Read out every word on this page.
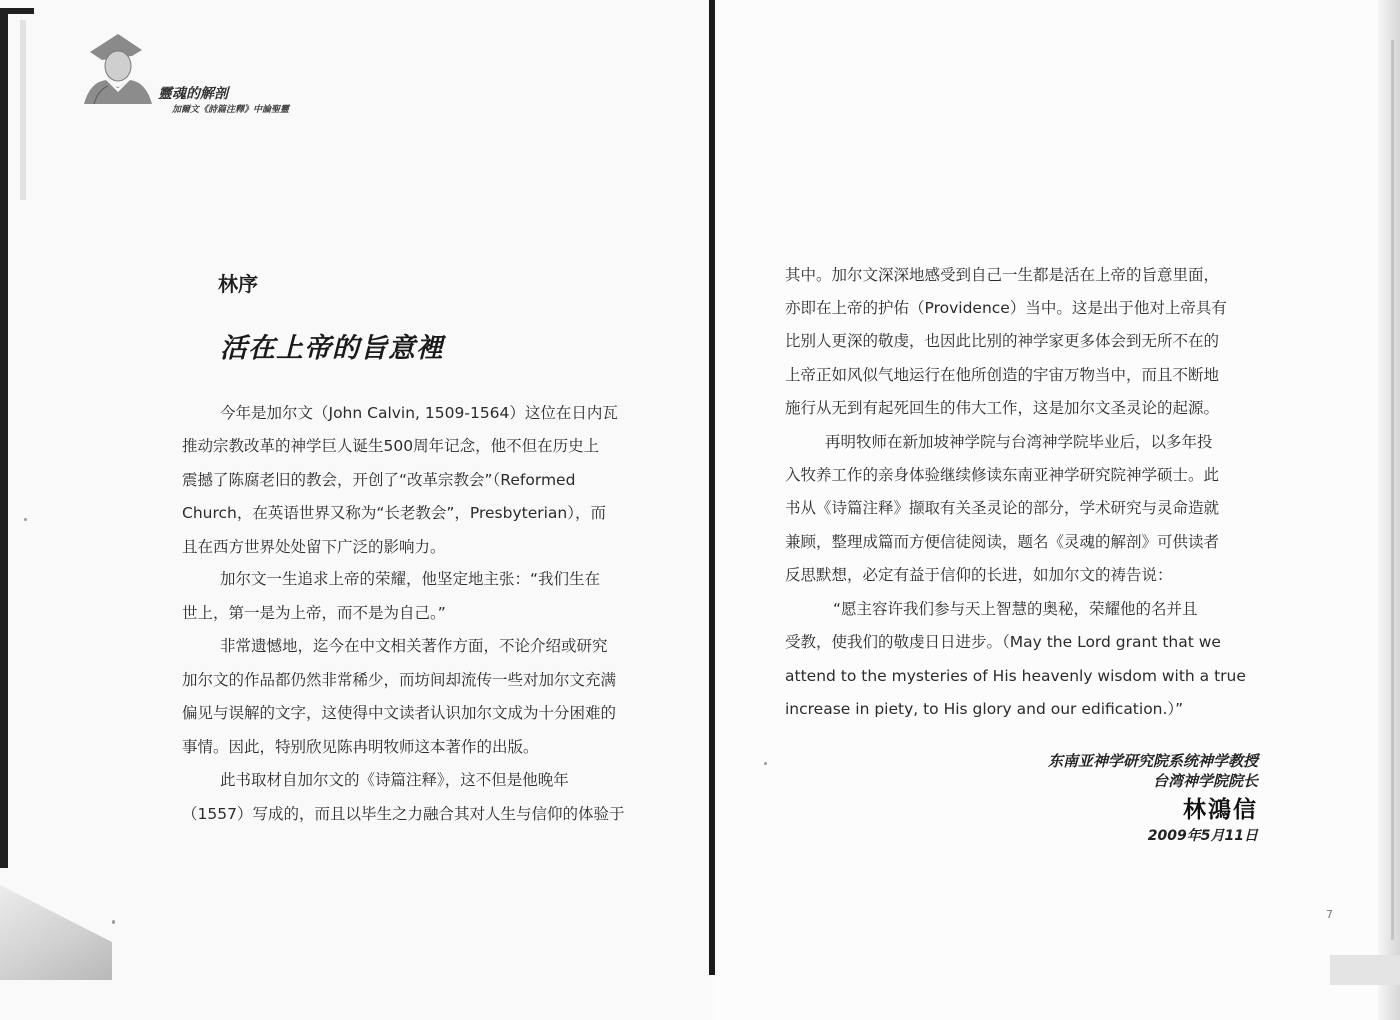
靈魂的解剖
加爾文《詩篇注釋》中論聖靈
林序
活在上帝的旨意裡
今年是加尔文（John Calvin, 1509-1564）这位在日内瓦
推动宗教改革的神学巨人诞生500周年记念，他不但在历史上
震撼了陈腐老旧的教会，开创了“改革宗教会”（Reformed
Church，在英语世界又称为“长老教会”，Presbyterian），而
且在西方世界处处留下广泛的影响力。
加尔文一生追求上帝的荣耀，他坚定地主张：“我们生在
世上，第一是为上帝，而不是为自己。”
非常遗憾地，迄今在中文相关著作方面，不论介绍或研究
加尔文的作品都仍然非常稀少，而坊间却流传一些对加尔文充满
偏见与误解的文字，这使得中文读者认识加尔文成为十分困难的
事情。因此，特别欣见陈冉明牧师这本著作的出版。
此书取材自加尔文的《诗篇注释》，这不但是他晚年
（1557）写成的，而且以毕生之力融合其对人生与信仰的体验于
其中。加尔文深深地感受到自己一生都是活在上帝的旨意里面，
亦即在上帝的护佑（Providence）当中。这是出于他对上帝具有
比别人更深的敬虔，也因此比别的神学家更多体会到无所不在的
上帝正如风似气地运行在他所创造的宇宙万物当中，而且不断地
施行从无到有起死回生的伟大工作，这是加尔文圣灵论的起源。
再明牧师在新加坡神学院与台湾神学院毕业后，以多年投
入牧养工作的亲身体验继续修读东南亚神学研究院神学硕士。此
书从《诗篇注释》撷取有关圣灵论的部分，学术研究与灵命造就
兼顾，整理成篇而方便信徒阅读，题名《灵魂的解剖》可供读者
反思默想，必定有益于信仰的长进，如加尔文的祷告说：
“愿主容许我们参与天上智慧的奥秘，荣耀他的名并且
受教，使我们的敬虔日日进步。（May the Lord grant that we
attend to the mysteries of His heavenly wisdom with a true
increase in piety, to His glory and our edification.）”
东南亚神学研究院系统神学教授
台湾神学院院长
林鴻信
2009年5月11日
7
